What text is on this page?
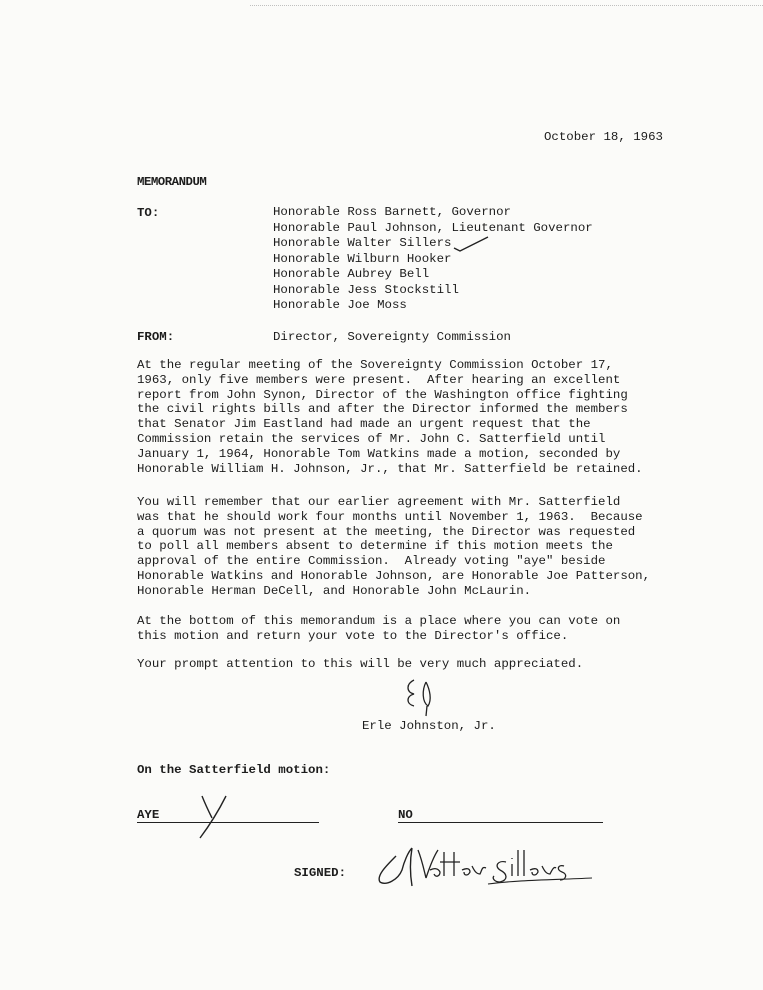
October 18, 1963
MEMORANDUM
TO:	Honorable Ross Barnett, Governor
Honorable Paul Johnson, Lieutenant Governor
Honorable Walter Sillers
Honorable Wilburn Hooker
Honorable Aubrey Bell
Honorable Jess Stockstill
Honorable Joe Moss
FROM:	Director, Sovereignty Commission
At the regular meeting of the Sovereignty Commission October 17,
1963, only five members were present.  After hearing an excellent
report from John Synon, Director of the Washington office fighting
the civil rights bills and after the Director informed the members
that Senator Jim Eastland had made an urgent request that the
Commission retain the services of Mr. John C. Satterfield until
January 1, 1964, Honorable Tom Watkins made a motion, seconded by
Honorable William H. Johnson, Jr., that Mr. Satterfield be retained.
You will remember that our earlier agreement with Mr. Satterfield
was that he should work four months until November 1, 1963.  Because
a quorum was not present at the meeting, the Director was requested
to poll all members absent to determine if this motion meets the
approval of the entire Commission.  Already voting "aye" beside
Honorable Watkins and Honorable Johnson, are Honorable Joe Patterson,
Honorable Herman DeCell, and Honorable John McLaurin.
At the bottom of this memorandum is a place where you can vote on
this motion and return your vote to the Director's office.
Your prompt attention to this will be very much appreciated.
Erle Johnston, Jr.
On the Satterfield motion:
AYE	NO
SIGNED:
